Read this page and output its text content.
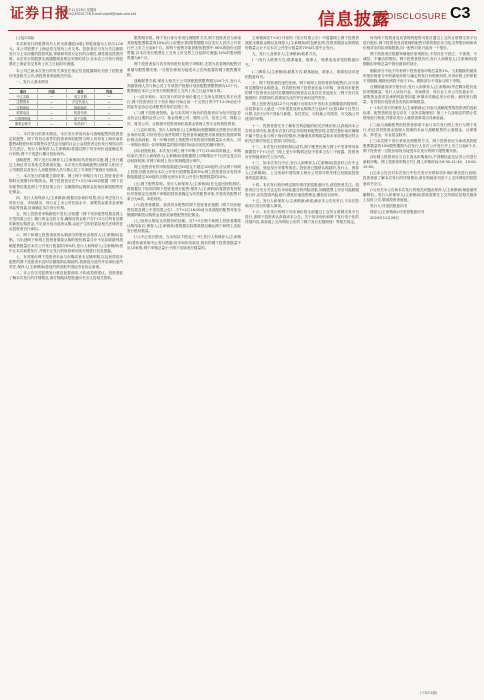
证券日报
2024年11月28日 星期四
电话:010-83251716 E-mail:zqrb9@zqrb.sina.net	信息披露
DISCLOSURE C3

(上接C2版)

本次新发行的股票均为人民币普通股(A股),每股面值为人民币1.00元。本公司股票于上海证券交易所上市交易。投资者应当充分关注新股发行与上市初期的投资风险,审慎研判发行定价的合理性,理性做出投资决策。本次发行的股票无流通限制及锁定安排的部分,自本次公开发行的股票在上海证券交易所上市之日起即可流通。

本公司已就本次发行的有关事宜在指定信息披露网站刊登了招股意向书及相关公告,请投资者查阅相关内容。

一、发行人基本情况

项目	内容	项目	内容
中文名称	—	成立日期	—
注册资本	—	法定代表人	—
注册地址	—	邮政编码	—
联系电话	—	传真号码	—
互联网网址	—	电子信箱	—
董事会秘书	—	负责部门	—

二、本次发行的基本情况。本次发行采用向参与战略配售的投资者定向配售、网下向符合条件的投资者询价配售与网上向持有上海市场非限售A股股份和非限售存托凭证市值的社会公众投资者定价发行相结合的方式进行。发行人和保荐人(主承销商)将通过网下初步询价直接确定发行价格,网下不再进行累计投标询价。

战略配售、网下发行由保荐人(主承销商)负责组织实施,网上发行通过上海证券交易所交易系统实施。本次发行的战略配售由保荐人相关子公司跟投以及发行人高级管理人员与核心员工专项资产管理计划组成。

三、本次发行的重要日期安排。网上网下申购日为T日,投资者在申购时无需缴付申购资金。网下投资者应在T+2日16:00前根据《网下初步配售结果及网上中签结果公告》足额缴纳认购资金及相应新股配售经纪佣金。

四、发行人和保荐人(主承销商)根据初步询价结果,综合考虑发行人所处行业、市场情况、同行业上市公司估值水平、募集资金需求及承销风险等因素,协商确定本次发行价格。

五、网上投资者申购新股中签后,应根据《网下初步配售结果及网上中签结果公告》履行资金交收义务,确保其资金账户在T+2日日终有足额的新股认购资金,不足部分视为放弃认购,由此产生的后果及相关法律责任由投资者自行承担。

六、网下和网上投资者放弃认购部分的股份由保荐人(主承销商)包销。当出现网下和网上投资者缴款认购的股份数量合计不足扣除最终战略配售数量后本次公开发行数量的70%时,发行人和保荐人(主承销商)将中止本次新股发行,并就中止发行的原因和后续安排进行信息披露。

七、有效报价网下投资者未参与申购或者未足额申购,以及获得初步配售的网下投资者未及时足额缴纳认购款的,将被视为违约并应承担违约责任,保荐人(主承销商)将违约情况报中国证券业协会备案。

八、本公告仅对股票发行事宜扼要说明,不构成投资建议。投资者欲了解本次发行的详细情况,请仔细阅读招股意向书全文及相关资料。

限售期安排。网下发行部分采用比例限售方式,网下投资者应当承诺其获配股票数量的10%(向上取整计算)限售期限为自发行人首次公开发行并上市之日起6个月。即每个配售对象获配的股票中,90%的股份无限售期,自本次发行股票在上交所上市交易之日起即可流通;10%的股份限售期为6个月。

网下投资者参与初步询价报价及网下申购时,无需为其管理的配售对象填写限售期安排,一旦报价即视为接受本公告所披露的网下限售期安排。

战略配售方面,保荐人相关子公司获配股票限售期为24个月,发行人高级管理人员与核心员工专项资产管理计划获配股票限售期为12个月。限售期自本次公开发行的股票在上交所上市之日起开始计算。

(一)初步询价。本次发行的初步询价通过上交所互联网交易平台进行,网下投资者应当于初步询价开始日前一个交易日的中午12:00前在中国证券业协会完成配售对象的注册工作。

(二)网下投资者资格。参与本次网下询价的投资者应为经中国证券业协会注册的证券公司、基金管理公司、期货公司、信托公司、保险公司、财务公司、合格境外投资者和私募基金管理人等专业机构投资者。

(三)定价原则。发行人和保荐人(主承销商)根据剔除无效报价后的初步询价结果,对所有符合条件的网下投资者所属配售对象的报价按照申购价格由高到低、同一申购价格上按配售对象的拟申购数量由小到大、同一申购价格同一拟申购数量的按申报时间由后到先的顺序排序。

(四)回拨机制。本次发行网上网下申购于T日15:00同时截止。申购结束后,发行人和保荐人(主承销商)将根据网上申购情况于T日决定是否启动回拨机制,对网下和网上发行的规模进行调节。

网上投资者有效申购倍数超过50倍且不超过100倍的,应从网下向网上回拨,回拨比例为本次公开发行股票数量的5%;网上投资者初步有效申购倍数超过100倍的,回拨比例为本次公开发行股票数量的10%。

(五)网下配售原则。发行人和保荐人(主承销商)在完成回拨机制后,将根据以下原则对网下投资者进行配售:保荐人(主承销商)将提供有效报价并按规定完成网下申购的投资者确定为有效配售对象,并将有效配售对象分为A类、B类两类。

(六)投资者缴款。获得初步配售的网下投资者应根据《网下初步配售结果及网上中签结果公告》,于T+2日16:00前为其获配的配售对象全额缴纳新股认购资金及相应新股配售经纪佣金。

(七)放弃认购及无效股份的处理。在T+2日网下和网上投资者缴款认购结束后,保荐人(主承销商)将根据实际缴款情况确认网下和网上实际发行股份数量。

(八)中止发行情况。当出现以下情况之一时,发行人和保荐人(主承销商)将协商采取中止发行措施:初步询价结束后,报价的网下投资者数量不足10家的;网下申购总量小于网下初始发行数量的。

主承销商在T+4日刊登的《发行结果公告》中披露网上网下投资者获配未缴款金额以及保荐人(主承销商)的包销比例,投资者缴款认购的股份数量合计不足本次公开发行数量的70%时,将中止发行。

九、发行人及保荐人(主承销商)联系方式。

(一)发行人联系方式:联系地址、联系人、联系电话详见招股意向书。

(二)保荐人(主承销商)联系方式:联系地址、联系人、联系电话详见招股意向书。

十、网下投资者的违约处理。网下和网上投资者获得配售后,应当按时足额缴付认购资金。有效报价网下投资者未参与申购、获得初步配售的网下投资者未及时足额缴纳认购资金以及存在其他违反《网下发行实施细则》的情形的,将被视为违约并应承担违约责任。

网上投资者连续12个月内累计出现3次中签但未足额缴款的情形时,自结算参与人最近一次申报其放弃认购的次日起6个月(按180个自然日计算,含次日)内不得参与新股、存托凭证、可转换公司债券、可交换公司债券的申购。

十一、投资者需充分了解有关科创板的相关法律法规,认真阅读本公告的各项内容,知悉本次发行的定价原则和配售原则,在提交报价前应确保不属于禁止参与网下询价的情形,并确保其申购数量和未来持股情况符合相关法律法规及主管部门的规定。

十二、本次发行回拨机制启动后,网下配售比例与网上中签率等具体数据将于T+1日在《网上发行申购情况及中签率公告》中披露。投资者应仔细阅读相关公告内容。

十三、如本次发行中止,发行人和保荐人(主承销商)将及时公告中止发行原因、恢复发行安排等事宜。投资者已缴纳认购款的,发行人、保荐人(主承销商)、上交所和中国结算上海分公司将尽快安排已经缴款投资者的退款事宜。

十四、本次发行股份锁定期安排详见招股意向书,请投资者关注。投资者应当充分关注定价市场化蕴含的风险因素,知晓股票上市后可能跌破发行价,切实提高风险意识,强化价值投资理念,避免盲目炒作。

十五、发行人和保荐人(主承销商)承诺,截至本公告发布日,不存在影响本次发行的重大事项。

十六、本次发行的网下初步询价将全部通过上交所互联网交易平台进行,请网下投资者认真阅读本公告。关于初步询价和网下发行电子化的详细内容,请查阅上交所网站公布的《网下发行实施细则》等相关规定。

所有网下投资者及其管理的配售对象应通过上交所互联网交易平台进行报价,网下投资者及其管理的配售对象的报价应当包含每股价格和该价格对应的拟申购股数,同一配售对象只能有一个报价。

网下投资者应根据审慎报价原则报价,不得存在不独立、不客观、不诚信、不廉洁的情形。网下投资者报价后,发行人和保荐人(主承销商)将剔除拟申购总量中报价最高的部分。

剔除部分不低于所有网下投资者拟申购总量的1%。当拟剔除的最高申报价格部分中的最低价格与确定的发行价格相同时,对该价格上的申报不再剔除,剔除比例将不低于1%。剔除部分不得参与网下申购。

在剔除最高部分报价后,发行人和保荐人(主承销商)考虑剩余报价及拟申购数量、发行人所处行业、市场情况、同行业上市公司估值水平、募集资金需求及承销风险等因素,审慎评估确定发行价格、最终发行数量、有效报价投资者及有效拟申购数量。

(一)本次发行的保荐人(主承销商)已对参与战略配售的投资者的选取标准、配售资格及是否存在《业务实施细则》第三十九条规定的禁止性情形进行核查,并要求发行人就核查事项出具承诺函。

(二)参与战略配售的投资者承诺不参与本次发行网上发行与网下发行,但证券投资基金管理人管理的未参与战略配售的公募基金、社保基金、养老金、年金基金除外。

(三)本次网下发行采用比例限售方式。网下投资者应当承诺其获配股票数量的10%限售期限为自发行人首次公开发行并上市之日起6个月,网下投资者一旦报价即视为接受本次发行的网下限售期安排。

(四)网上投资者应当自主表达申购意向,不得概括委托证券公司进行新股申购。网上投资者申购日T日,网上申购时间为9:30-11:30、13:00-15:00。

(五)本公告仅对本次发行中有关发行安排和初步询价事宜进行说明,投资者欲了解本次发行的详细情况,请仔细阅读刊登于上交所网站的招股意向书全文。

(六)有关本公告和本次发行的相关问题由保荐人(主承销商)保留最终解释权。发行人和保荐人(主承销商)将视需要在上交所网站及相关媒体上及时公告,敬请投资者留意。

发行人:详见招股意向书

保荐人(主承销商):详见招股意向书

2024年11月28日

(下转C4版)
